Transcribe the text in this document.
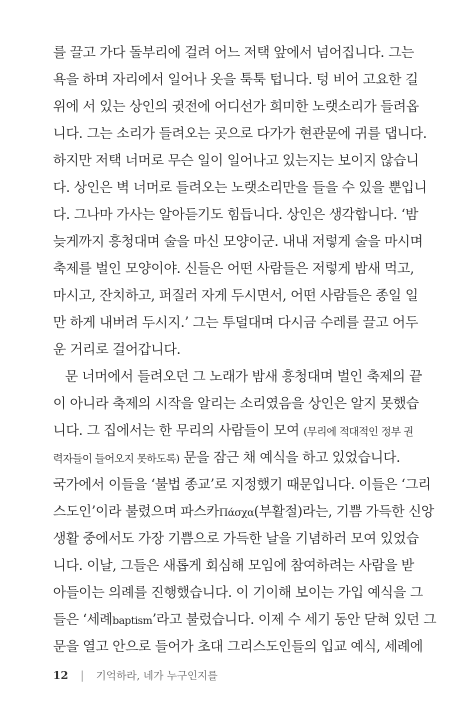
를 끌고 가다 돌부리에 걸려 어느 저택 앞에서 넘어집니다. 그는
욕을 하며 자리에서 일어나 옷을 툭툭 텁니다. 텅 비어 고요한 길
위에 서 있는 상인의 귓전에 어디선가 희미한 노랫소리가 들려옵
니다. 그는 소리가 들려오는 곳으로 다가가 현관문에 귀를 댑니다.
하지만 저택 너머로 무슨 일이 일어나고 있는지는 보이지 않습니
다. 상인은 벽 너머로 들려오는 노랫소리만을 들을 수 있을 뿐입니
다. 그나마 가사는 알아듣기도 힘듭니다. 상인은 생각합니다. ‘밤
늦게까지 흥청대며 술을 마신 모양이군. 내내 저렇게 술을 마시며
축제를 벌인 모양이야. 신들은 어떤 사람들은 저렇게 밤새 먹고,
마시고, 잔치하고, 퍼질러 자게 두시면서, 어떤 사람들은 종일 일
만 하게 내버려 두시지.’ 그는 투덜대며 다시금 수레를 끌고 어두
운 거리로 걸어갑니다.
문 너머에서 들려오던 그 노래가 밤새 흥청대며 벌인 축제의 끝
이 아니라 축제의 시작을 알리는 소리였음을 상인은 알지 못했습
니다. 그 집에서는 한 무리의 사람들이 모여 (무리에 적대적인 정부 권
력자들이 들어오지 못하도록) 문을 잠근 채 예식을 하고 있었습니다.
국가에서 이들을 ‘불법 종교’로 지정했기 때문입니다. 이들은 ‘그리
스도인’이라 불렸으며 파스카Πάσχα(부활절)라는, 기쁨 가득한 신앙
생활 중에서도 가장 기쁨으로 가득한 날을 기념하러 모여 있었습
니다. 이날, 그들은 새롭게 회심해 모임에 참여하려는 사람을 받
아들이는 의례를 진행했습니다. 이 기이해 보이는 가입 예식을 그
들은 ‘세례baptism’라고 불렀습니다. 이제 수 세기 동안 닫혀 있던 그
문을 열고 안으로 들어가 초대 그리스도인들의 입교 예식, 세례에
12 | 기억하라, 네가 누구인지를
